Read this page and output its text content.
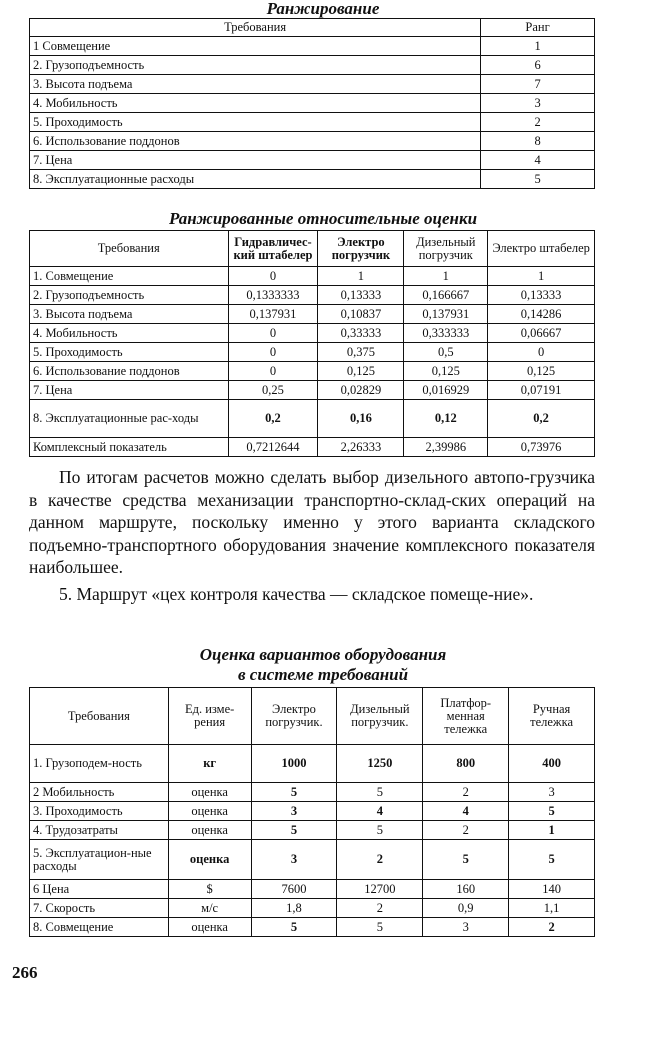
Ранжирование
Требования	Ранг
1 Совмещение	1
2. Грузоподъемность	6
3. Высота подъема	7
4. Мобильность	3
5. Проходимость	2
6. Использование поддонов	8
7. Цена	4
8. Эксплуатационные расходы	5
Ранжированные относительные оценки
Требования	Гидравличес-кий штабелер	Электро погрузчик	Дизельный погрузчик	Электро штабелер
1. Совмещение	0	1	1	1
2. Грузоподъемность	0,1333333	0,13333	0,166667	0,13333
3. Высота подъема	0,137931	0,10837	0,137931	0,14286
4. Мобильность	0	0,33333	0,333333	0,06667
5. Проходимость	0	0,375	0,5	0
6. Использование поддонов	0	0,125	0,125	0,125
7. Цена	0,25	0,02829	0,016929	0,07191
8. Эксплуатационные рас-ходы	0,2	0,16	0,12	0,2
Комплексный показатель	0,7212644	2,26333	2,39986	0,73976
По итогам расчетов можно сделать выбор дизельного автопо-грузчика в качестве средства механизации транспортно-склад-ских операций на данном маршруте, поскольку именно у этого варианта складского подъемно-транспортного оборудования значение комплексного показателя наибольшее.
5. Маршрут «цех контроля качества — складское помеще-ние».
Оценка вариантов оборудования
в системе требований
Требования	Ед. изме-рения	Электро погрузчик.	Дизельный погрузчик.	Платфор-менная тележка	Ручная тележка
1. Грузоподем-ность	кг	1000	1250	800	400
2 Мобильность	оценка	5	5	2	3
3. Проходимость	оценка	3	4	4	5
4. Трудозатраты	оценка	5	5	2	1
5. Эксплуатацион-ные расходы	оценка	3	2	5	5
6 Цена	$	7600	12700	160	140
7. Скорость	м/с	1,8	2	0,9	1,1
8. Совмещение	оценка	5	5	3	2
266
